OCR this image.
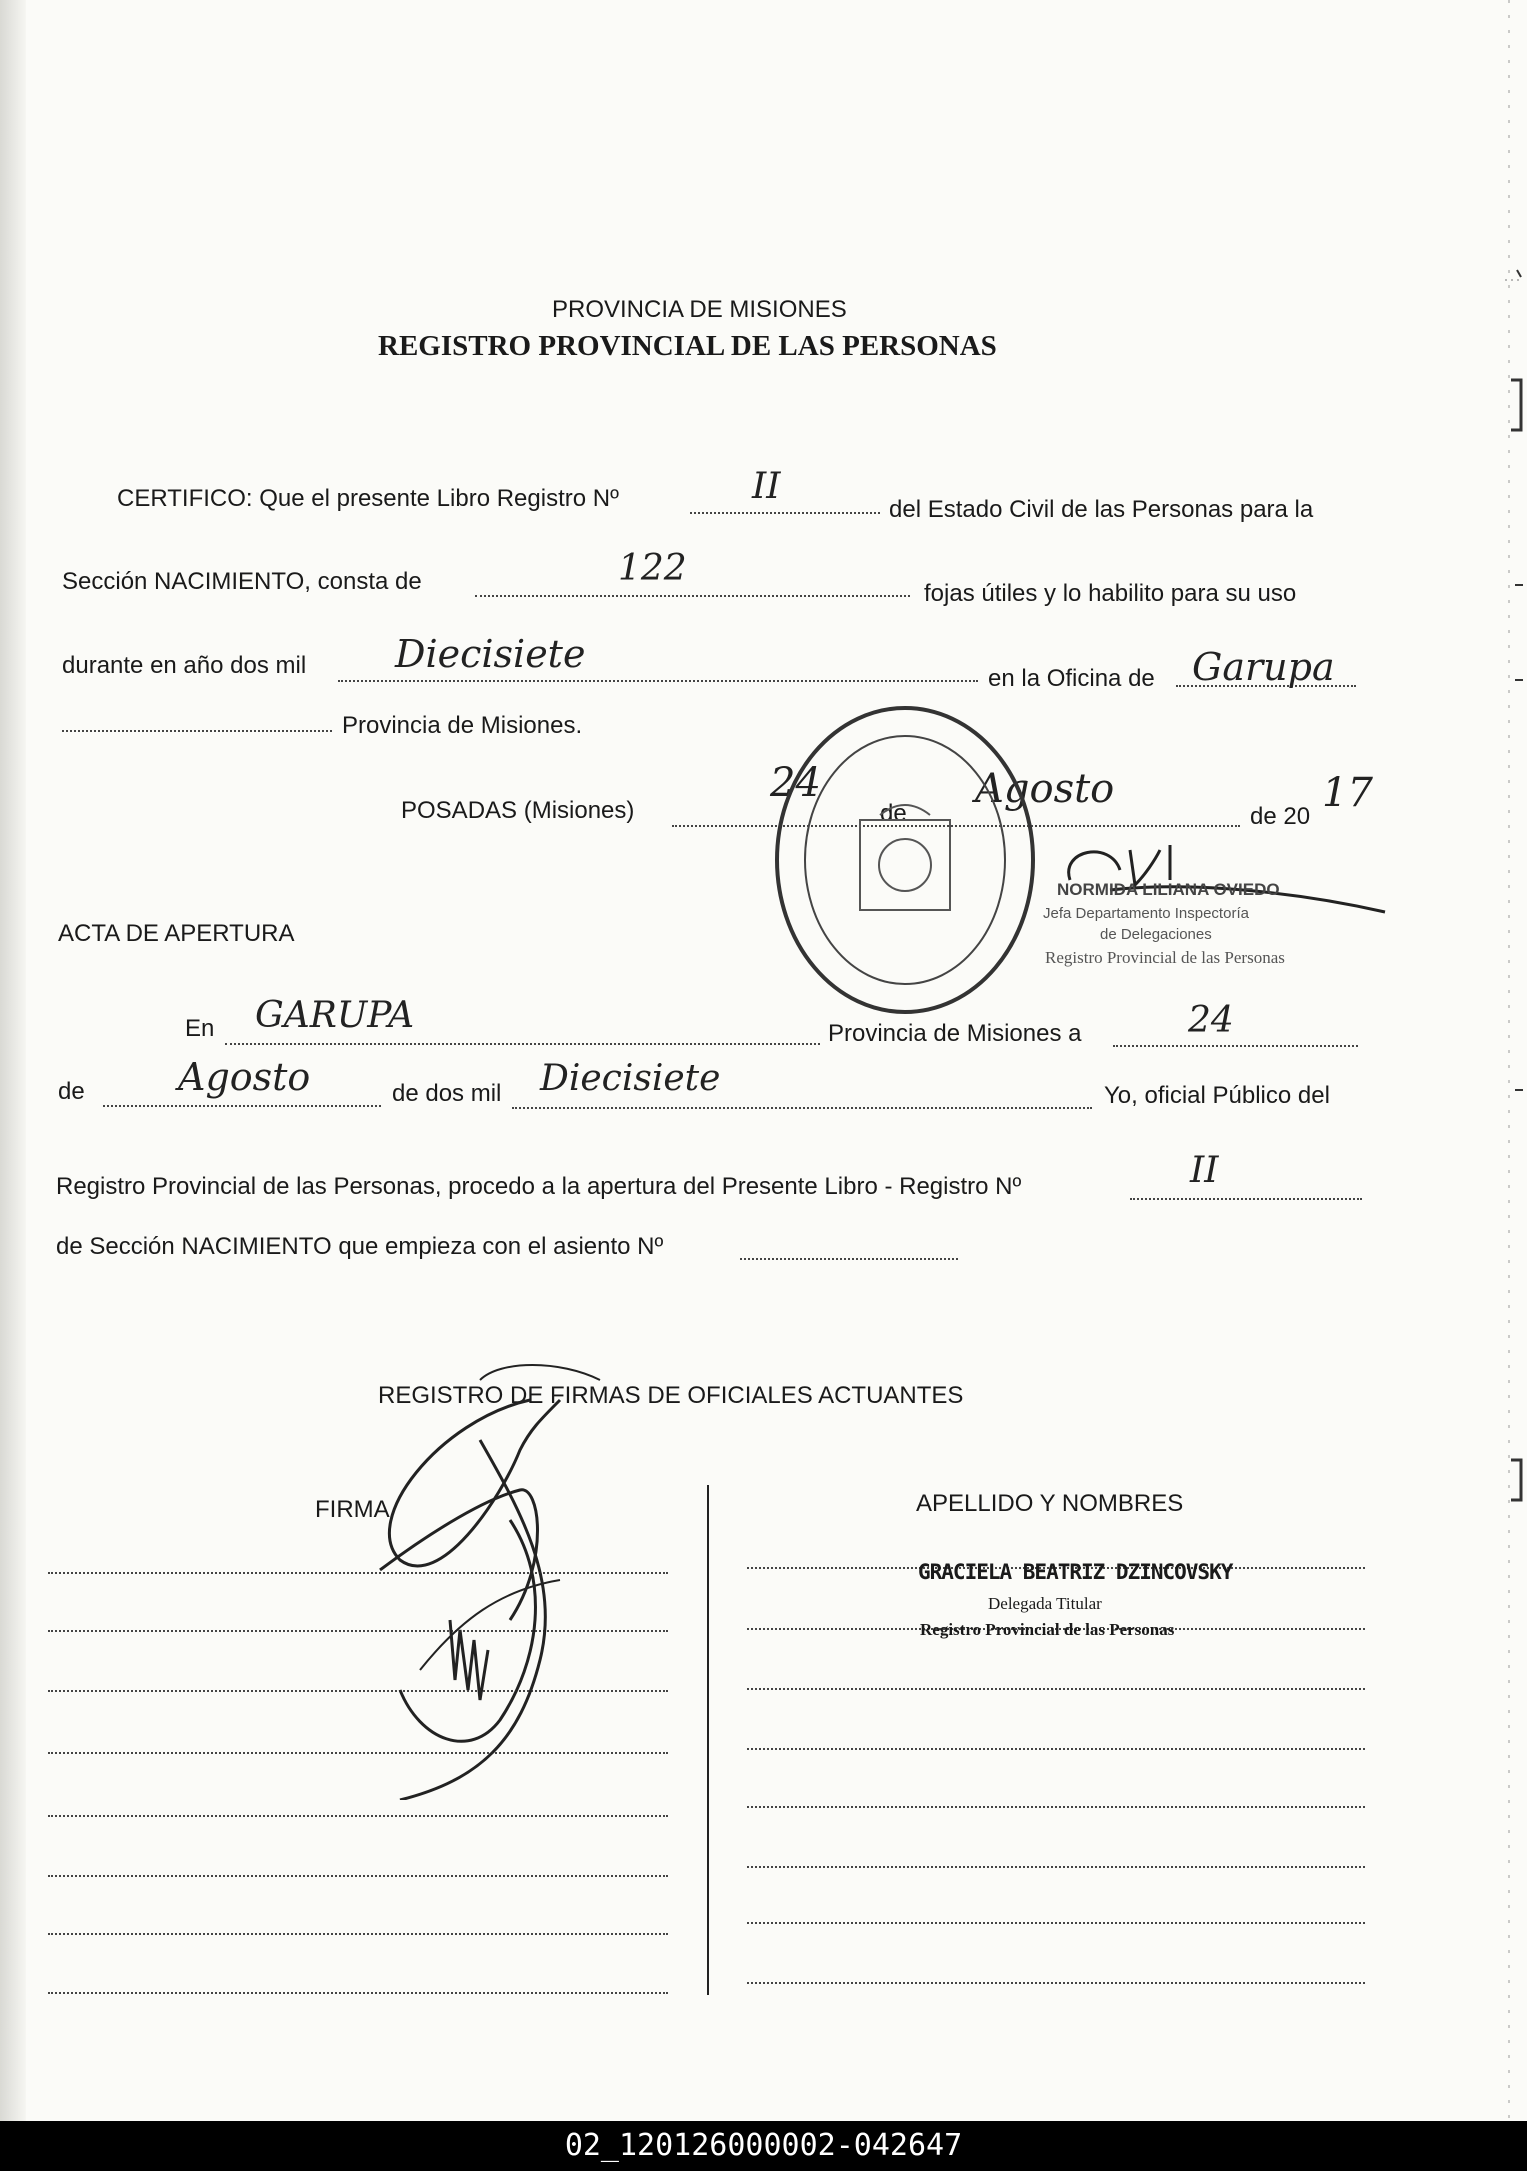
PROVINCIA DE MISIONES
REGISTRO PROVINCIAL DE LAS PERSONAS
CERTIFICO: Que el presente Libro Registro Nº	II
del Estado Civil de las Personas para la
Sección NACIMIENTO, consta de	122
fojas útiles y lo habilito para su uso
durante en año dos mil Diecisiete
en la Oficina de Garupa
Provincia de Misiones.
POSADAS (Misiones)
24
de
Agosto
de 20
17
NORMIDA LILIANA OVIEDO
Jefa Departamento Inspectoría
de Delegaciones
Registro Provincial de las Personas
ACTA DE APERTURA
En GARUPA	Provincia de Misiones a	24
de Agosto	de dos mil Diecisiete	Yo, oficial Público del
Registro Provincial de las Personas, procedo a la apertura del Presente Libro - Registro Nº	II
de Sección NACIMIENTO que empieza con el asiento Nº
REGISTRO DE FIRMAS DE OFICIALES ACTUANTES
FIRMA	APELLIDO Y NOMBRES
GRACIELA BEATRIZ DZINCOVSKY
Delegada Titular
Registro Provincial de las Personas
02_120126000002-042647
